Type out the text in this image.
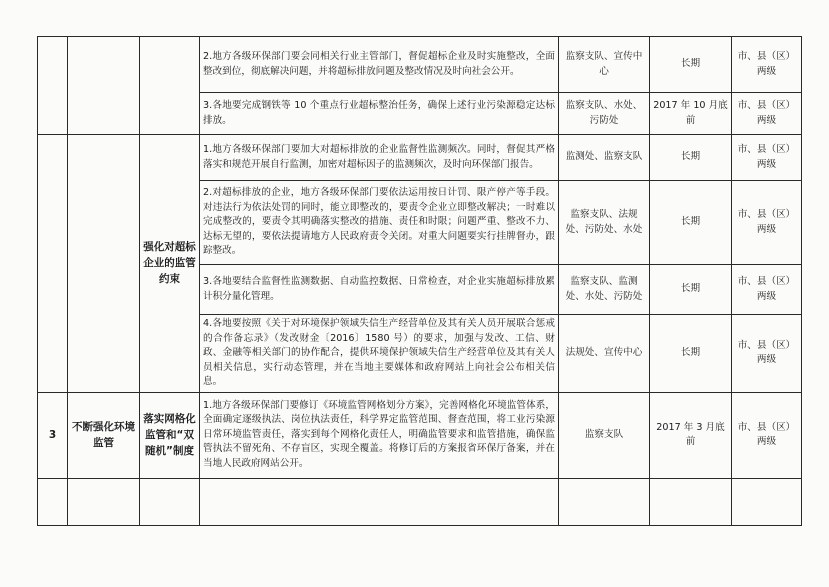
			2.地方各级环保部门要会同相关行业主管部门，督促超标企业及时实施整改，全面整改到位，彻底解决问题，并将超标排放问题及整改情况及时向社会公开。	监察支队、宣传中心	长期	市、县（区）两级
			3.各地要完成钢铁等 10 个重点行业超标整治任务，确保上述行业污染源稳定达标排放。	监察支队、水处、污防处	2017 年 10 月底前	市、县（区）两级
		强化对超标企业的监管约束	1.地方各级环保部门要加大对超标排放的企业监督性监测频次。同时，督促其严格落实和规范开展自行监测，加密对超标因子的监测频次，及时向环保部门报告。	监测处、监察支队	长期	市、县（区）两级
			2.对超标排放的企业，地方各级环保部门要依法运用按日计罚、限产停产等手段。对违法行为依法处罚的同时，能立即整改的，要责令企业立即整改解决；一时难以完成整改的，要责令其明确落实整改的措施、责任和时限；问题严重、整改不力、达标无望的，要依法提请地方人民政府责令关闭。对重大问题要实行挂牌督办，跟踪整改。	监察支队、法规处、污防处、水处	长期	市、县（区）两级
			3.各地要结合监督性监测数据、自动监控数据、日常检查，对企业实施超标排放累计积分量化管理。	监察支队、监测处、水处、污防处	长期	市、县（区）两级
			4.各地要按照《关于对环境保护领域失信生产经营单位及其有关人员开展联合惩戒的合作备忘录》（发改财金〔2016〕1580 号）的要求，加强与发改、工信、财政、金融等相关部门的协作配合，提供环境保护领域失信生产经营单位及其有关人员相关信息，实行动态管理，并在当地主要媒体和政府网站上向社会公布相关信息。	法规处、宣传中心	长期	市、县（区）两级
3	不断强化环境监管	落实网格化监管和“双随机”制度	1.地方各级环保部门要修订《环境监管网格划分方案》，完善网格化环境监管体系，全面确定逐级执法、岗位执法责任，科学界定监管范围、督查范围，将工业污染源日常环境监管责任，落实到每个网格化责任人，明确监管要求和监管措施，确保监管执法不留死角、不存盲区，实现全覆盖。将修订后的方案报省环保厅备案，并在当地人民政府网站公开。	监察支队	2017 年 3 月底前	市、县（区）两级
